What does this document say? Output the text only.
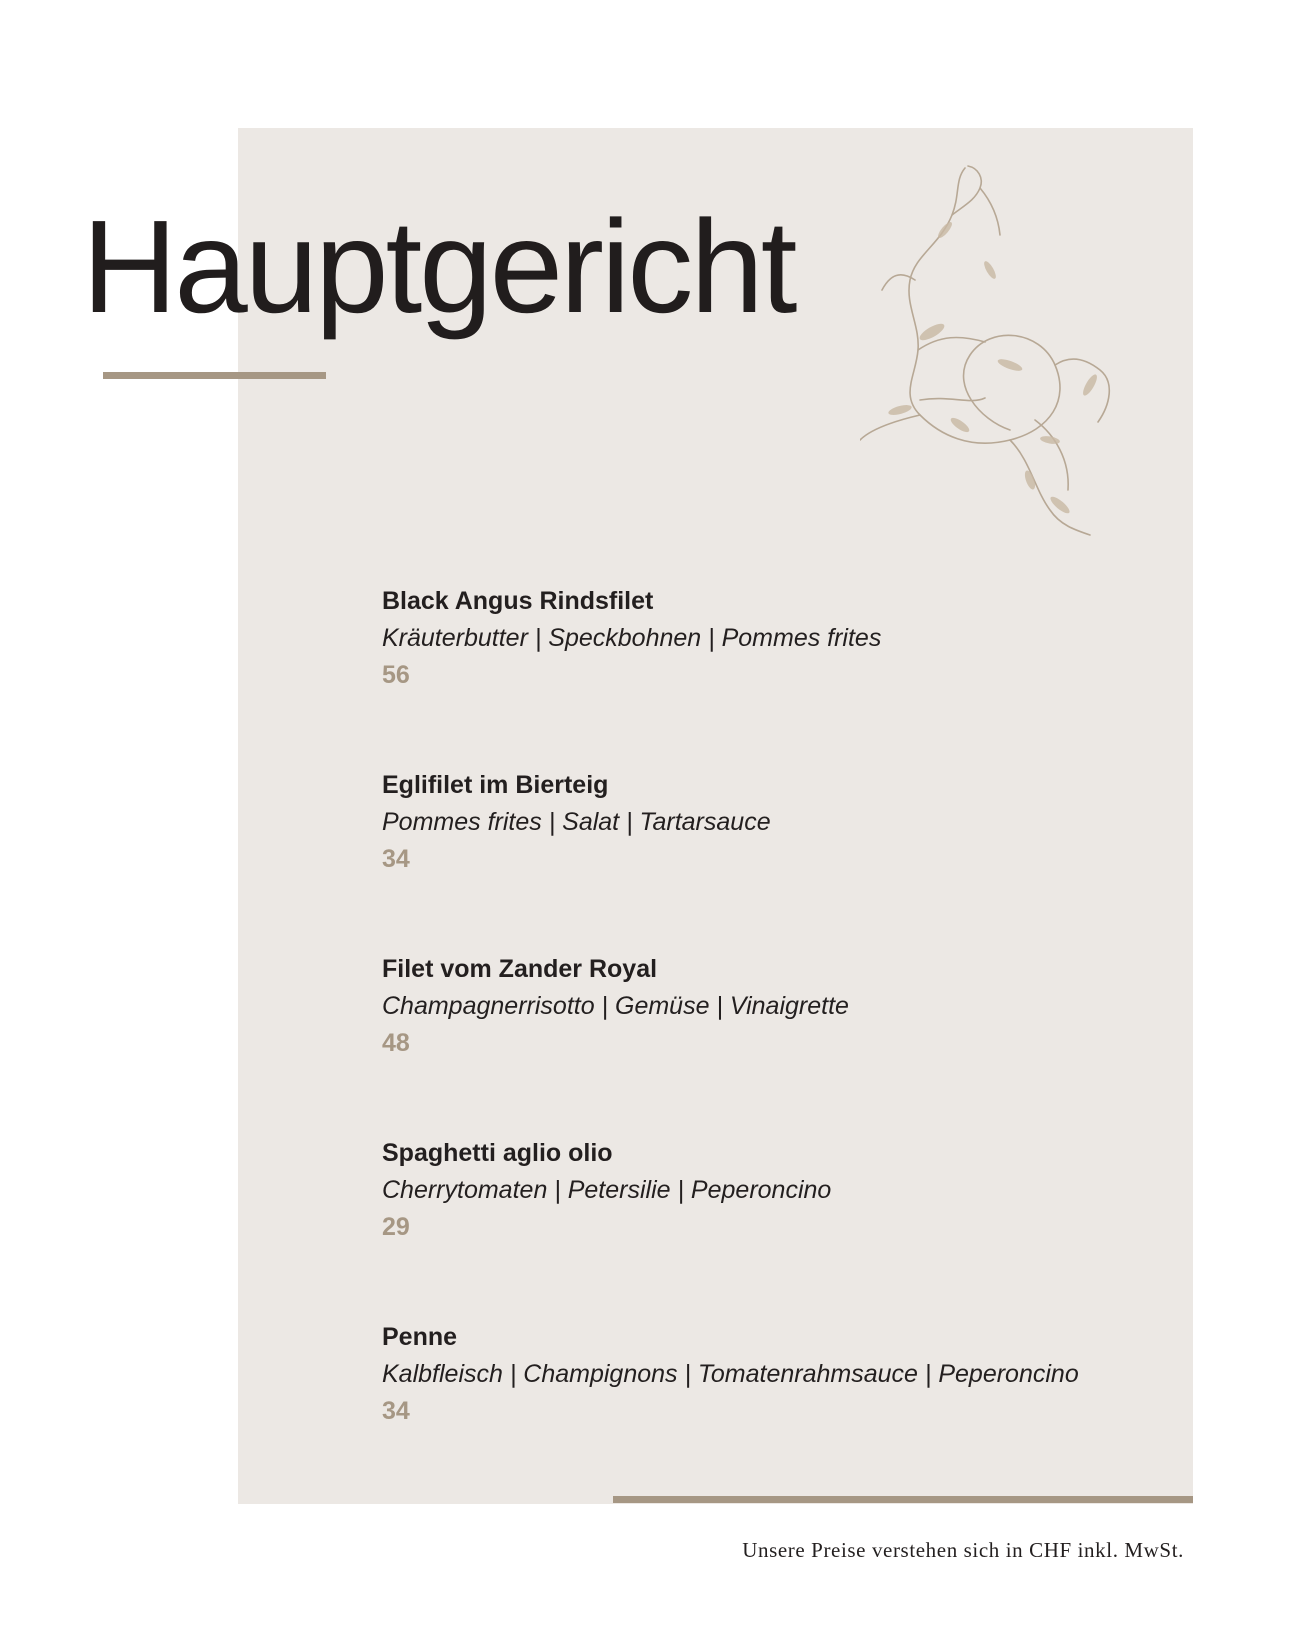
Hauptgericht
Black Angus Rindsfilet
Kräuterbutter | Speckbohnen | Pommes frites
56
Eglifilet im Bierteig
Pommes frites | Salat | Tartarsauce
34
Filet vom Zander Royal
Champagnerrisotto | Gemüse | Vinaigrette
48
Spaghetti aglio olio
Cherrytomaten | Petersilie | Peperoncino
29
Penne
Kalbfleisch | Champignons | Tomatenrahmsauce | Peperoncino
34
Unsere Preise verstehen sich in CHF inkl. MwSt.
